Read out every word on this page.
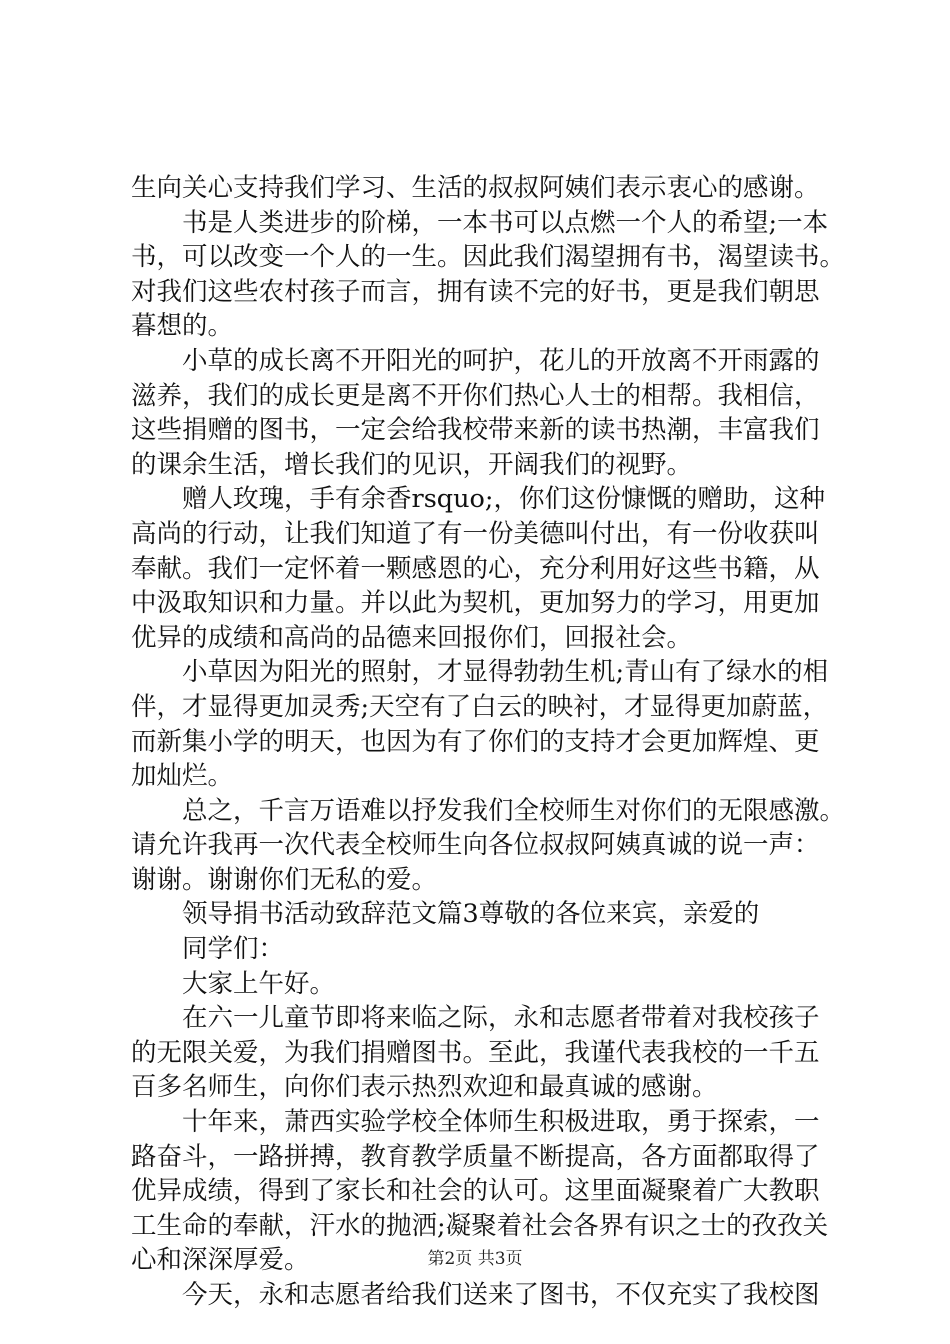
生向关心支持我们学习、生活的叔叔阿姨们表示衷心的感谢。
　　书是人类进步的阶梯，一本书可以点燃一个人的希望;一本
书，可以改变一个人的一生。因此我们渴望拥有书，渴望读书。
对我们这些农村孩子而言，拥有读不完的好书，更是我们朝思
暮想的。
　　小草的成长离不开阳光的呵护，花儿的开放离不开雨露的
滋养，我们的成长更是离不开你们热心人士的相帮。我相信，
这些捐赠的图书，一定会给我校带来新的读书热潮，丰富我们
的课余生活，增长我们的见识，开阔我们的视野。
　　赠人玫瑰，手有余香rsquo;，你们这份慷慨的赠助，这种
高尚的行动，让我们知道了有一份美德叫付出，有一份收获叫
奉献。我们一定怀着一颗感恩的心，充分利用好这些书籍，从
中汲取知识和力量。并以此为契机，更加努力的学习，用更加
优异的成绩和高尚的品德来回报你们，回报社会。
　　小草因为阳光的照射，才显得勃勃生机;青山有了绿水的相
伴，才显得更加灵秀;天空有了白云的映衬，才显得更加蔚蓝，
而新集小学的明天，也因为有了你们的支持才会更加辉煌、更
加灿烂。
　　总之，千言万语难以抒发我们全校师生对你们的无限感激。
请允许我再一次代表全校师生向各位叔叔阿姨真诚的说一声：
谢谢。谢谢你们无私的爱。
　　领导捐书活动致辞范文篇3尊敬的各位来宾，亲爱的
　　同学们：
　　大家上午好。
　　在六一儿童节即将来临之际，永和志愿者带着对我校孩子
的无限关爱，为我们捐赠图书。至此，我谨代表我校的一千五
百多名师生，向你们表示热烈欢迎和最真诚的感谢。
　　十年来，萧西实验学校全体师生积极进取，勇于探索，一
路奋斗，一路拼搏，教育教学质量不断提高，各方面都取得了
优异成绩，得到了家长和社会的认可。这里面凝聚着广大教职
工生命的奉献，汗水的抛洒;凝聚着社会各界有识之士的孜孜关
心和深深厚爱。
　　今天，永和志愿者给我们送来了图书，不仅充实了我校图
第2页 共3页
